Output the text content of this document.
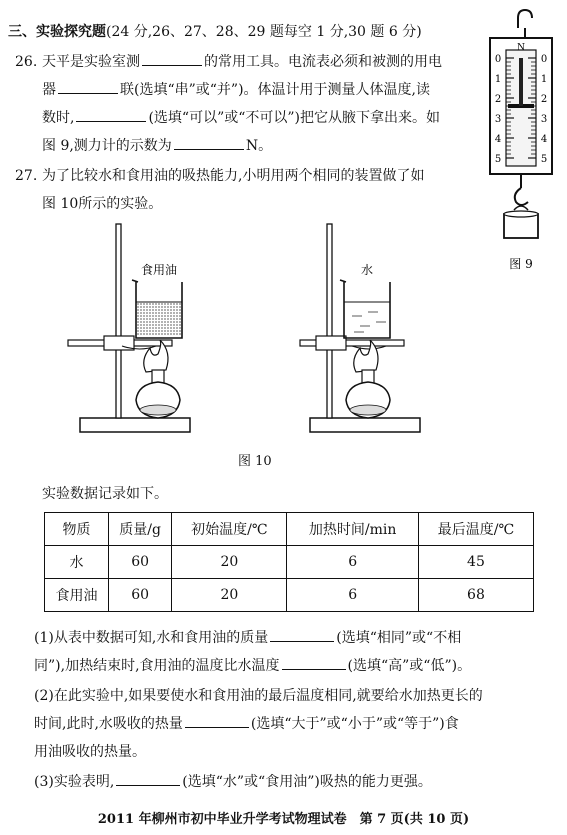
三、实验探究题(24 分,26、27、28、29 题每空 1 分,30 题 6 分)
26. 天平是实验室测	的常用工具。电流表必须和被测的用电
器	联(选填“串”或“并”)。体温计用于测量人体温度,读
数时,	(选填“可以”或“不可以”)把它从腋下拿出来。如
图 9,测力计的示数为	N。
27. 为了比较水和食用油的吸热能力,小明用两个相同的装置做了如
图 10所示的实验。
N
0
1
2
3
4
5
0
1
2
3
4
5
图 9
食用油	水
图 10
实验数据记录如下。
物质	质量/g	初始温度/℃	加热时间/min	最后温度/℃
水	60	20	6	45
食用油	60	20	6	68
(1)从表中数据可知,水和食用油的质量	(选填“相同”或“不相
同”),加热结束时,食用油的温度比水温度	(选填“高”或“低”)。
(2)在此实验中,如果要使水和食用油的最后温度相同,就要给水加热更长的
时间,此时,水吸收的热量	(选填“大于”或“小于”或“等于”)食
用油吸收的热量。
(3)实验表明,	(选填“水”或“食用油”)吸热的能力更强。
2011 年柳州市初中毕业升学考试物理试卷　第 7 页(共 10 页)
